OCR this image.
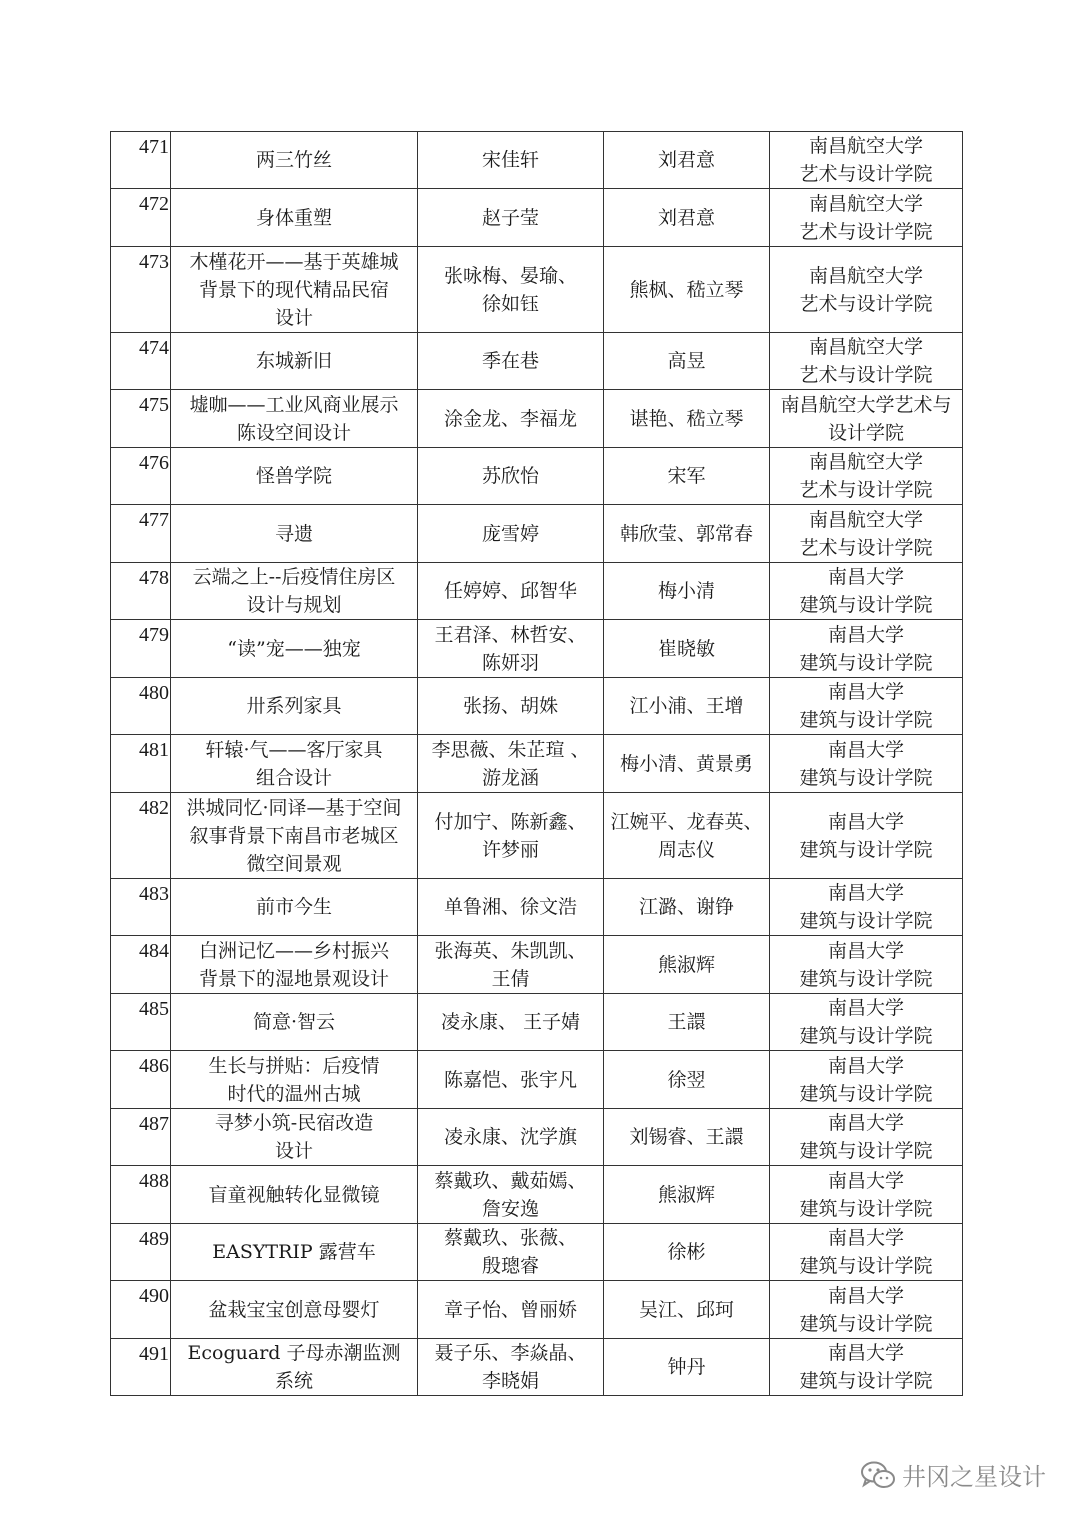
471	两三竹丝	宋佳轩	刘君意	南昌航空大学
艺术与设计学院
472	身体重塑	赵子莹	刘君意	南昌航空大学
艺术与设计学院
473	木槿花开——基于英雄城
背景下的现代精品民宿
设计	张咏梅、晏瑜、
徐如钰	熊枫、嵇立琴	南昌航空大学
艺术与设计学院
474	东城新旧	季在巷	高昱	南昌航空大学
艺术与设计学院
475	墟咖——工业风商业展示
陈设空间设计	涂金龙、李福龙	谌艳、嵇立琴	南昌航空大学艺术与
设计学院
476	怪兽学院	苏欣怡	宋军	南昌航空大学
艺术与设计学院
477	寻遗	庞雪婷	韩欣莹、郭常春	南昌航空大学
艺术与设计学院
478	云端之上--后疫情住房区
设计与规划	任婷婷、邱智华	梅小清	南昌大学
建筑与设计学院
479	“读”宠——独宠	王君泽、林哲安、
陈妍羽	崔晓敏	南昌大学
建筑与设计学院
480	卅系列家具	张扬、胡姝	江小浦、王增	南昌大学
建筑与设计学院
481	轩辕·气——客厅家具
组合设计	李思薇、朱芷瑄 、
游龙涵	梅小清、黄景勇	南昌大学
建筑与设计学院
482	洪城同忆·同译—基于空间
叙事背景下南昌市老城区
微空间景观	付加宁、陈新鑫、
许梦丽	江婉平、龙春英、
周志仪	南昌大学
建筑与设计学院
483	前市今生	单鲁湘、徐文浩	江潞、谢铮	南昌大学
建筑与设计学院
484	白洲记忆——乡村振兴
背景下的湿地景观设计	张海英、朱凯凯、
王倩	熊淑辉	南昌大学
建筑与设计学院
485	简意·智云	凌永康、 王子婧	王譞	南昌大学
建筑与设计学院
486	生长与拼贴：后疫情
时代的温州古城	陈嘉恺、张宇凡	徐翌	南昌大学
建筑与设计学院
487	寻梦小筑-民宿改造
设计	凌永康、沈学旗	刘锡睿、王譞	南昌大学
建筑与设计学院
488	盲童视触转化显微镜	蔡戴玖、戴茹嫣、
詹安逸	熊淑辉	南昌大学
建筑与设计学院
489	EASYTRIP 露营车	蔡戴玖、张薇、
殷璁睿	徐彬	南昌大学
建筑与设计学院
490	盆栽宝宝创意母婴灯	章子怡、曾丽娇	吴江、邱珂	南昌大学
建筑与设计学院
491	Ecoguard 子母赤潮监测
系统	聂子乐、李焱晶、
李晓娟	钟丹	南昌大学
建筑与设计学院
井冈之星设计
